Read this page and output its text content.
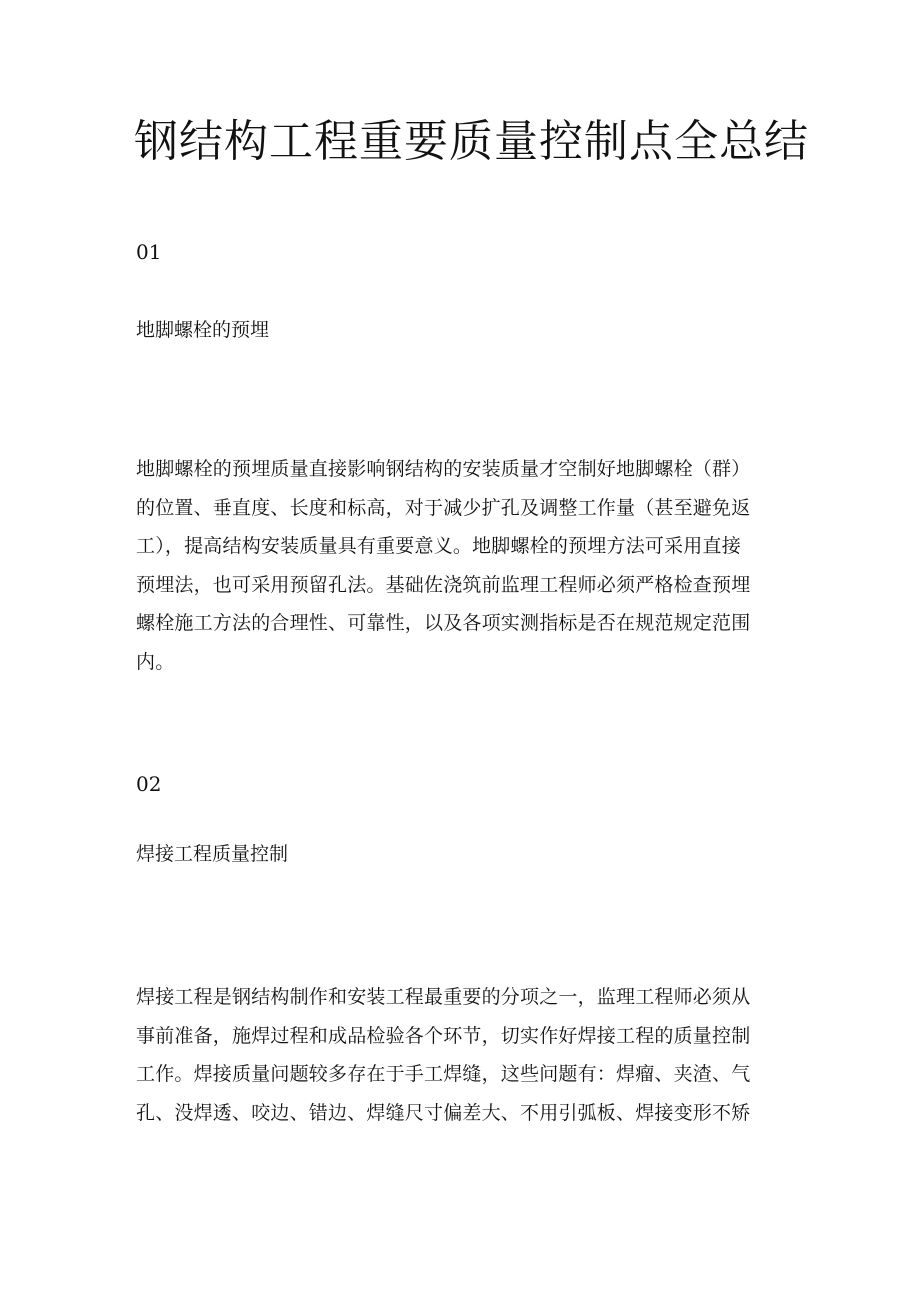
钢结构工程重要质量控制点全总结
01
地脚螺栓的预埋

地脚螺栓的预埋质量直接影响钢结构的安装质量才空制好地脚螺栓（群）
的位置、垂直度、长度和标高，对于减少扩孔及调整工作量（甚至避免返
工），提高结构安装质量具有重要意义。地脚螺栓的预埋方法可采用直接
预埋法，也可采用预留孔法。基础佐浇筑前监理工程师必须严格检查预埋
螺栓施工方法的合理性、可靠性，以及各项实测指标是否在规范规定范围
内。

02
焊接工程质量控制

焊接工程是钢结构制作和安装工程最重要的分项之一，监理工程师必须从
事前准备，施焊过程和成品检验各个环节，切实作好焊接工程的质量控制
工作。焊接质量问题较多存在于手工焊缝，这些问题有：焊瘤、夹渣、气
孔、没焊透、咬边、错边、焊缝尺寸偏差大、不用引弧板、焊接变形不矫
